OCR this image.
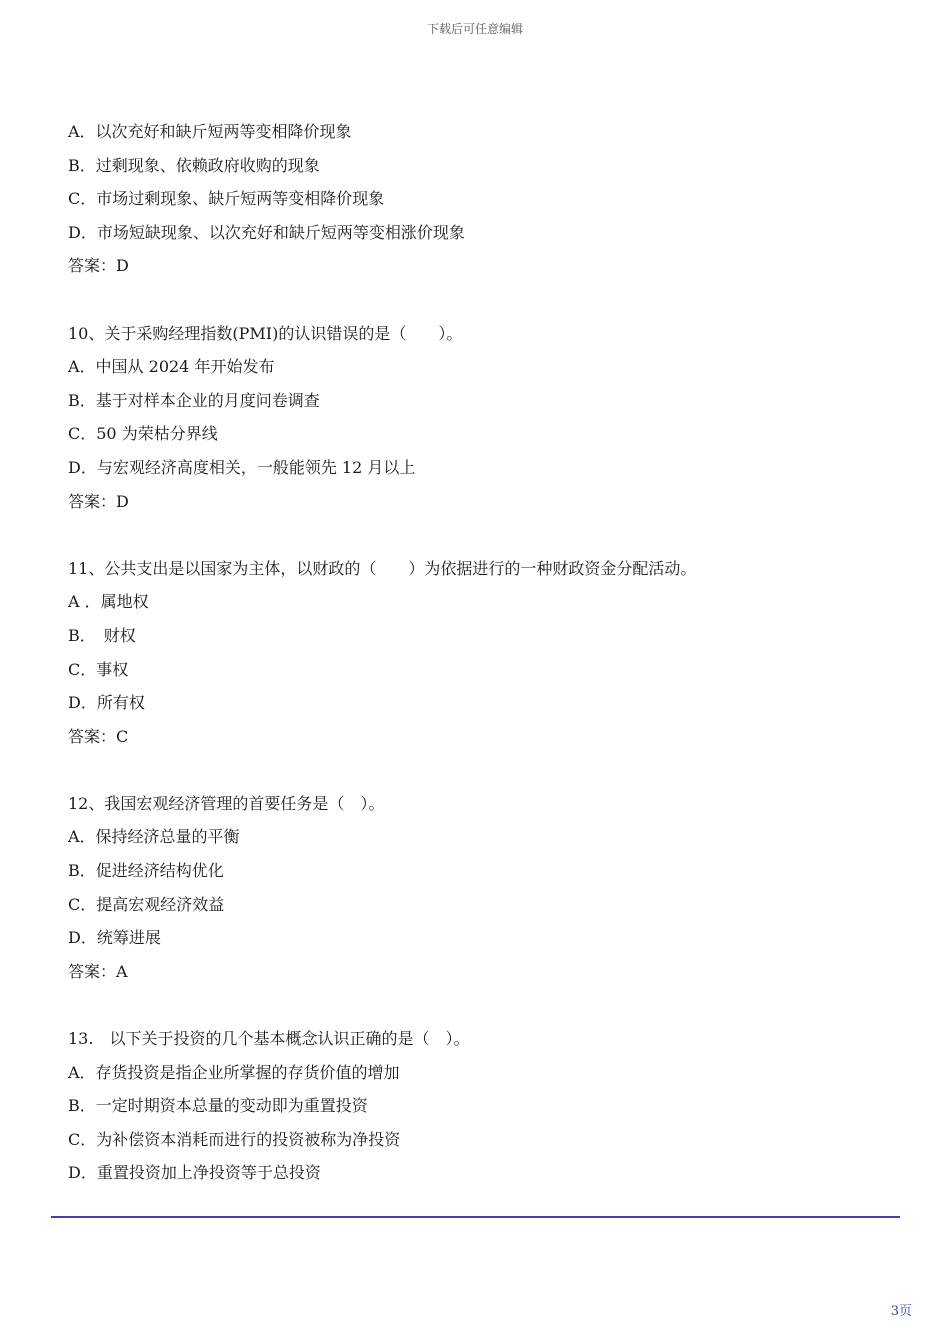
下载后可任意编辑
A．以次充好和缺斤短两等变相降价现象
B．过剩现象、依赖政府收购的现象
C．市场过剩现象、缺斤短两等变相降价现象
D．市场短缺现象、以次充好和缺斤短两等变相涨价现象
答案：D
10、关于采购经理指数(PMI)的认识错误的是（　　）。
A．中国从 2024 年开始发布
B．基于对样本企业的月度问卷调查
C．50 为荣枯分界线
D．与宏观经济高度相关，一般能领先 12 月以上
答案：D
11、公共支出是以国家为主体，以财政的（　　）为依据进行的一种财政资金分配活动。
A ．属地权
B．　财权
C．事权
D．所有权
答案：C
12、我国宏观经济管理的首要任务是（　）。
A．保持经济总量的平衡
B．促进经济结构优化
C．提高宏观经济效益
D．统筹进展
答案：A
13.　以下关于投资的几个基本概念认识正确的是（　）。
A．存货投资是指企业所掌握的存货价值的增加
B．一定时期资本总量的变动即为重置投资
C．为补偿资本消耗而进行的投资被称为净投资
D．重置投资加上净投资等于总投资
3页
